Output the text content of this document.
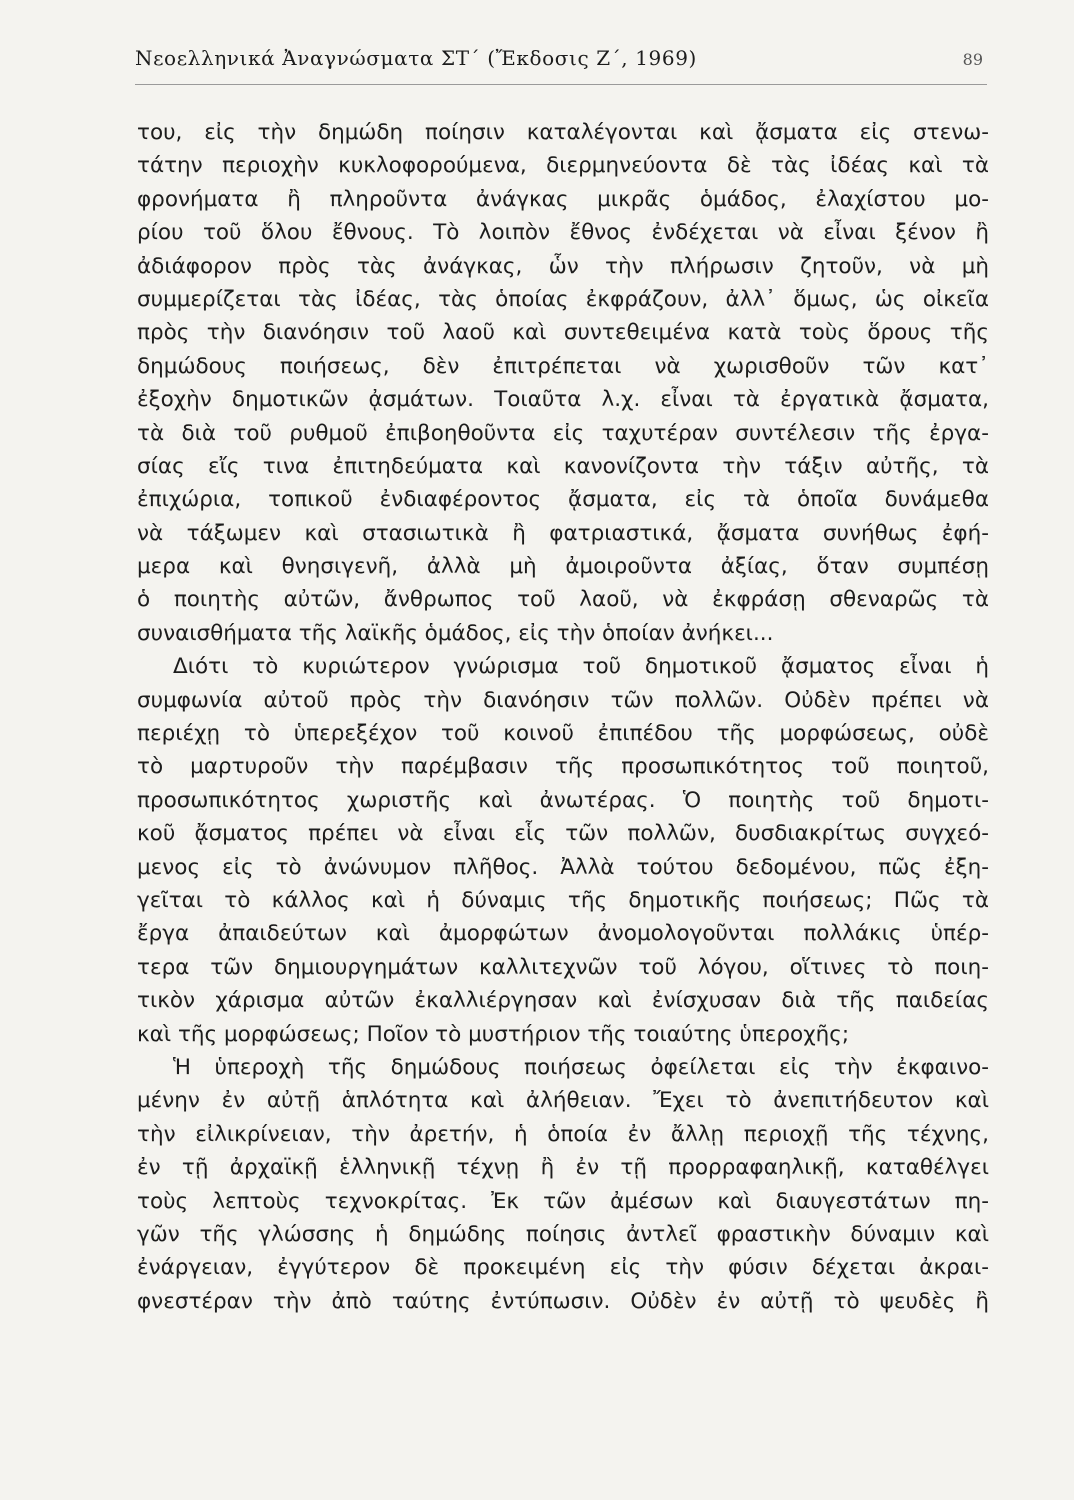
Νεοελληνικά Ἀναγνώσματα ΣΤ΄ (Ἔκδοσις Ζ΄, 1969)	89
του, εἰς τὴν δημώδη ποίησιν καταλέγονται καὶ ᾄσματα εἰς στενω-
τάτην περιοχὴν κυκλοφορούμενα, διερμηνεύοντα δὲ τὰς ἰδέας καὶ τὰ
φρονήματα ἢ πληροῦντα ἀνάγκας μικρᾶς ὁμάδος, ἐλαχίστου μο-
ρίου τοῦ ὅλου ἔθνους. Τὸ λοιπὸν ἔθνος ἐνδέχεται νὰ εἶναι ξένον ἢ
ἀδιάφορον πρὸς τὰς ἀνάγκας, ὧν τὴν πλήρωσιν ζητοῦν, νὰ μὴ
συμμερίζεται τὰς ἰδέας, τὰς ὁποίας ἐκφράζουν, ἀλλ᾽ ὅμως, ὡς οἰκεῖα
πρὸς τὴν διανόησιν τοῦ λαοῦ καὶ συντεθειμένα κατὰ τοὺς ὅρους τῆς
δημώδους ποιήσεως, δὲν ἐπιτρέπεται νὰ χωρισθοῦν τῶν κατ᾽
ἐξοχὴν δημοτικῶν ᾀσμάτων. Τοιαῦτα λ.χ. εἶναι τὰ ἐργατικὰ ᾄσματα,
τὰ διὰ τοῦ ρυθμοῦ ἐπιβοηθοῦντα εἰς ταχυτέραν συντέλεσιν τῆς ἐργα-
σίας εἴς τινα ἐπιτηδεύματα καὶ κανονίζοντα τὴν τάξιν αὐτῆς, τὰ
ἐπιχώρια, τοπικοῦ ἐνδιαφέροντος ᾄσματα, εἰς τὰ ὁποῖα δυνάμεθα
νὰ τάξωμεν καὶ στασιωτικὰ ἢ φατριαστικά, ᾄσματα συνήθως ἐφή-
μερα καὶ θνησιγενῆ, ἀλλὰ μὴ ἀμοιροῦντα ἀξίας, ὅταν συμπέσῃ
ὁ ποιητὴς αὐτῶν, ἄνθρωπος τοῦ λαοῦ, νὰ ἐκφράσῃ σθεναρῶς τὰ
συναισθήματα τῆς λαϊκῆς ὁμάδος, εἰς τὴν ὁποίαν ἀνήκει...
Διότι τὸ κυριώτερον γνώρισμα τοῦ δημοτικοῦ ᾄσματος εἶναι ἡ
συμφωνία αὐτοῦ πρὸς τὴν διανόησιν τῶν πολλῶν. Οὐδὲν πρέπει νὰ
περιέχῃ τὸ ὑπερεξέχον τοῦ κοινοῦ ἐπιπέδου τῆς μορφώσεως, οὐδὲ
τὸ μαρτυροῦν τὴν παρέμβασιν τῆς προσωπικότητος τοῦ ποιητοῦ,
προσωπικότητος χωριστῆς καὶ ἀνωτέρας. Ὁ ποιητὴς τοῦ δημοτι-
κοῦ ᾄσματος πρέπει νὰ εἶναι εἷς τῶν πολλῶν, δυσδιακρίτως συγχεό-
μενος εἰς τὸ ἀνώνυμον πλῆθος. Ἀλλὰ τούτου δεδομένου, πῶς ἐξη-
γεῖται τὸ κάλλος καὶ ἡ δύναμις τῆς δημοτικῆς ποιήσεως; Πῶς τὰ
ἔργα ἀπαιδεύτων καὶ ἀμορφώτων ἀνομολογοῦνται πολλάκις ὑπέρ-
τερα τῶν δημιουργημάτων καλλιτεχνῶν τοῦ λόγου, οἵτινες τὸ ποιη-
τικὸν χάρισμα αὐτῶν ἐκαλλιέργησαν καὶ ἐνίσχυσαν διὰ τῆς παιδείας
καὶ τῆς μορφώσεως; Ποῖον τὸ μυστήριον τῆς τοιαύτης ὑπεροχῆς;
Ἡ ὑπεροχὴ τῆς δημώδους ποιήσεως ὀφείλεται εἰς τὴν ἐκφαινο-
μένην ἐν αὐτῇ ἁπλότητα καὶ ἀλήθειαν. Ἔχει τὸ ἀνεπιτήδευτον καὶ
τὴν εἰλικρίνειαν, τὴν ἀρετήν, ἡ ὁποία ἐν ἄλλῃ περιοχῇ τῆς τέχνης,
ἐν τῇ ἀρχαϊκῇ ἑλληνικῇ τέχνῃ ἢ ἐν τῇ προρραφαηλικῇ, καταθέλγει
τοὺς λεπτοὺς τεχνοκρίτας. Ἐκ τῶν ἀμέσων καὶ διαυγεστάτων πη-
γῶν τῆς γλώσσης ἡ δημώδης ποίησις ἀντλεῖ φραστικὴν δύναμιν καὶ
ἐνάργειαν, ἐγγύτερον δὲ προκειμένη εἰς τὴν φύσιν δέχεται ἀκραι-
φνεστέραν τὴν ἀπὸ ταύτης ἐντύπωσιν. Οὐδὲν ἐν αὐτῇ τὸ ψευδὲς ἢ
